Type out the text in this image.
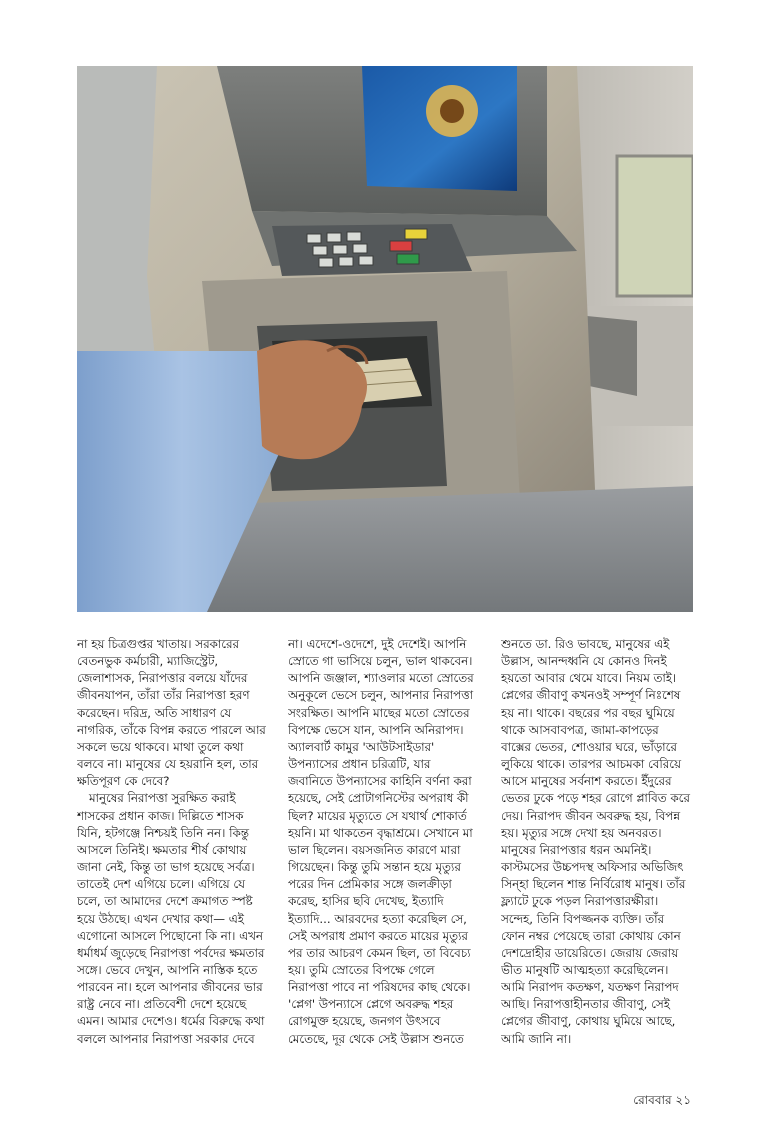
না হয় চিত্রগুপ্তর খাতায়। সরকারের বেতনভুক কর্মচারী, ম্যাজিস্ট্রেট, জেলাশাসক, নিরাপত্তার বলয়ে যাঁদের জীবনযাপন, তাঁরা তাঁর নিরাপত্তা হরণ করেছেন। দরিদ্র, অতি সাধারণ যে নাগরিক, তাঁকে বিপন্ন করতে পারলে আর সকলে ভয়ে থাকবে। মাথা তুলে কথা বলবে না। মানুষের যে হয়রানি হল, তার ক্ষতিপূরণ কে দেবে?

মানুষের নিরাপত্তা সুরক্ষিত করাই শাসকের প্রধান কাজ। দিল্লিতে শাসক যিনি, হটগঞ্জে নিশ্চয়ই তিনি নন। কিন্তু আসলে তিনিই। ক্ষমতার শীর্ষ কোথায় জানা নেই, কিন্তু তা ভাগ হয়েছে সর্বত্র। তাতেই দেশ এগিয়ে চলে। এগিয়ে যে চলে, তা আমাদের দেশে ক্রমাগত স্পষ্ট হয়ে উঠছে। এখন দেখার কথা— এই এগোনো আসলে পিছোনো কি না। এখন ধর্মাধর্ম জুড়েছে নিরাপত্তা পর্বদের ক্ষমতার সঙ্গে। ভেবে দেখুন, আপনি নাস্তিক হতে পারবেন না। হলে আপনার জীবনের ভার রাষ্ট্র নেবে না। প্রতিবেশী দেশে হয়েছে এমন। আমার দেশেও। ধর্মের বিরুদ্ধে কথা বললে আপনার নিরাপত্তা সরকার দেবে

না। এদেশে-ওদেশে, দুই দেশেই। আপনি স্রোতে গা ভাসিয়ে চলুন, ভাল থাকবেন। আপনি জঞ্জাল, শ্যাওলার মতো স্রোতের অনুকূলে ভেসে চলুন, আপনার নিরাপত্তা সংরক্ষিত। আপনি মাছের মতো স্রোতের বিপক্ষে ভেসে যান, আপনি অনিরাপদ। অ্যালবার্ট কামুর 'আউটসাইডার' উপন্যাসের প্রধান চরিত্রটি, যার জবানিতে উপন্যাসের কাহিনি বর্ণনা করা হয়েছে, সেই প্রোটাগনিস্টের অপরাধ কী ছিল? মায়ের মৃত্যুতে সে যথার্থ শোকার্ত হয়নি। মা থাকতেন বৃদ্ধাশ্রমে। সেখানে মা ভাল ছিলেন। বয়সজনিত কারণে মারা গিয়েছেন। কিন্তু তুমি সন্তান হয়ে মৃত্যুর পরের দিন প্রেমিকার সঙ্গে জলক্রীড়া করেছ, হাসির ছবি দেখেছ, ইত্যাদি ইত্যাদি... আরবদের হত্যা করেছিল সে, সেই অপরাধ প্রমাণ করতে মায়ের মৃত্যুর পর তার আচরণ কেমন ছিল, তা বিবেচ্য হয়। তুমি স্রোতের বিপক্ষে গেলে নিরাপত্তা পাবে না পরিষদের কাছ থেকে। 'প্লেগ' উপন্যাসে প্লেগে অবরুদ্ধ শহর রোগমুক্ত হয়েছে, জনগণ উৎসবে মেতেছে, দূর থেকে সেই উল্লাস শুনতে

শুনতে ডা. রিও ভাবছে, মানুষের এই উল্লাস, আনন্দধ্বনি যে কোনও দিনই হয়তো আবার থেমে যাবে। নিয়ম তাই। প্লেগের জীবাণু কখনওই সম্পূর্ণ নিঃশেষ হয় না। থাকে। বছরের পর বছর ঘুমিয়ে থাকে আসবাবপত্র, জামা-কাপড়ের বাক্সের ভেতর, শোওয়ার ঘরে, ভাঁড়ারে লুকিয়ে থাকে। তারপর আচমকা বেরিয়ে আসে মানুষের সর্বনাশ করতে। ইঁদুরের ভেতর ঢুকে পড়ে শহর রোগে প্লাবিত করে দেয়। নিরাপদ জীবন অবরুদ্ধ হয়, বিপন্ন হয়। মৃত্যুর সঙ্গে দেখা হয় অনবরত। মানুষের নিরাপত্তার ধরন অমনিই। কাস্টমসের উচ্চপদস্থ অফিসার অভিজিৎ সিন্‌হা ছিলেন শান্ত নির্বিরোধ মানুষ। তাঁর ফ্ল্যাটে ঢুকে পড়ল নিরাপত্তারক্ষীরা। সন্দেহ, তিনি বিপজ্জনক ব্যক্তি। তাঁর ফোন নম্বর পেয়েছে তারা কোথায় কোন দেশদ্রোহীর ডায়েরিতে। জেরায় জেরায় ভীত মানুষটি আত্মহত্যা করেছিলেন। আমি নিরাপদ কতক্ষণ, যতক্ষণ নিরাপদ আছি। নিরাপত্তাহীনতার জীবাণু, সেই প্লেগের জীবাণু, কোথায় ঘুমিয়ে আছে, আমি জানি না।

রোববার ২১
